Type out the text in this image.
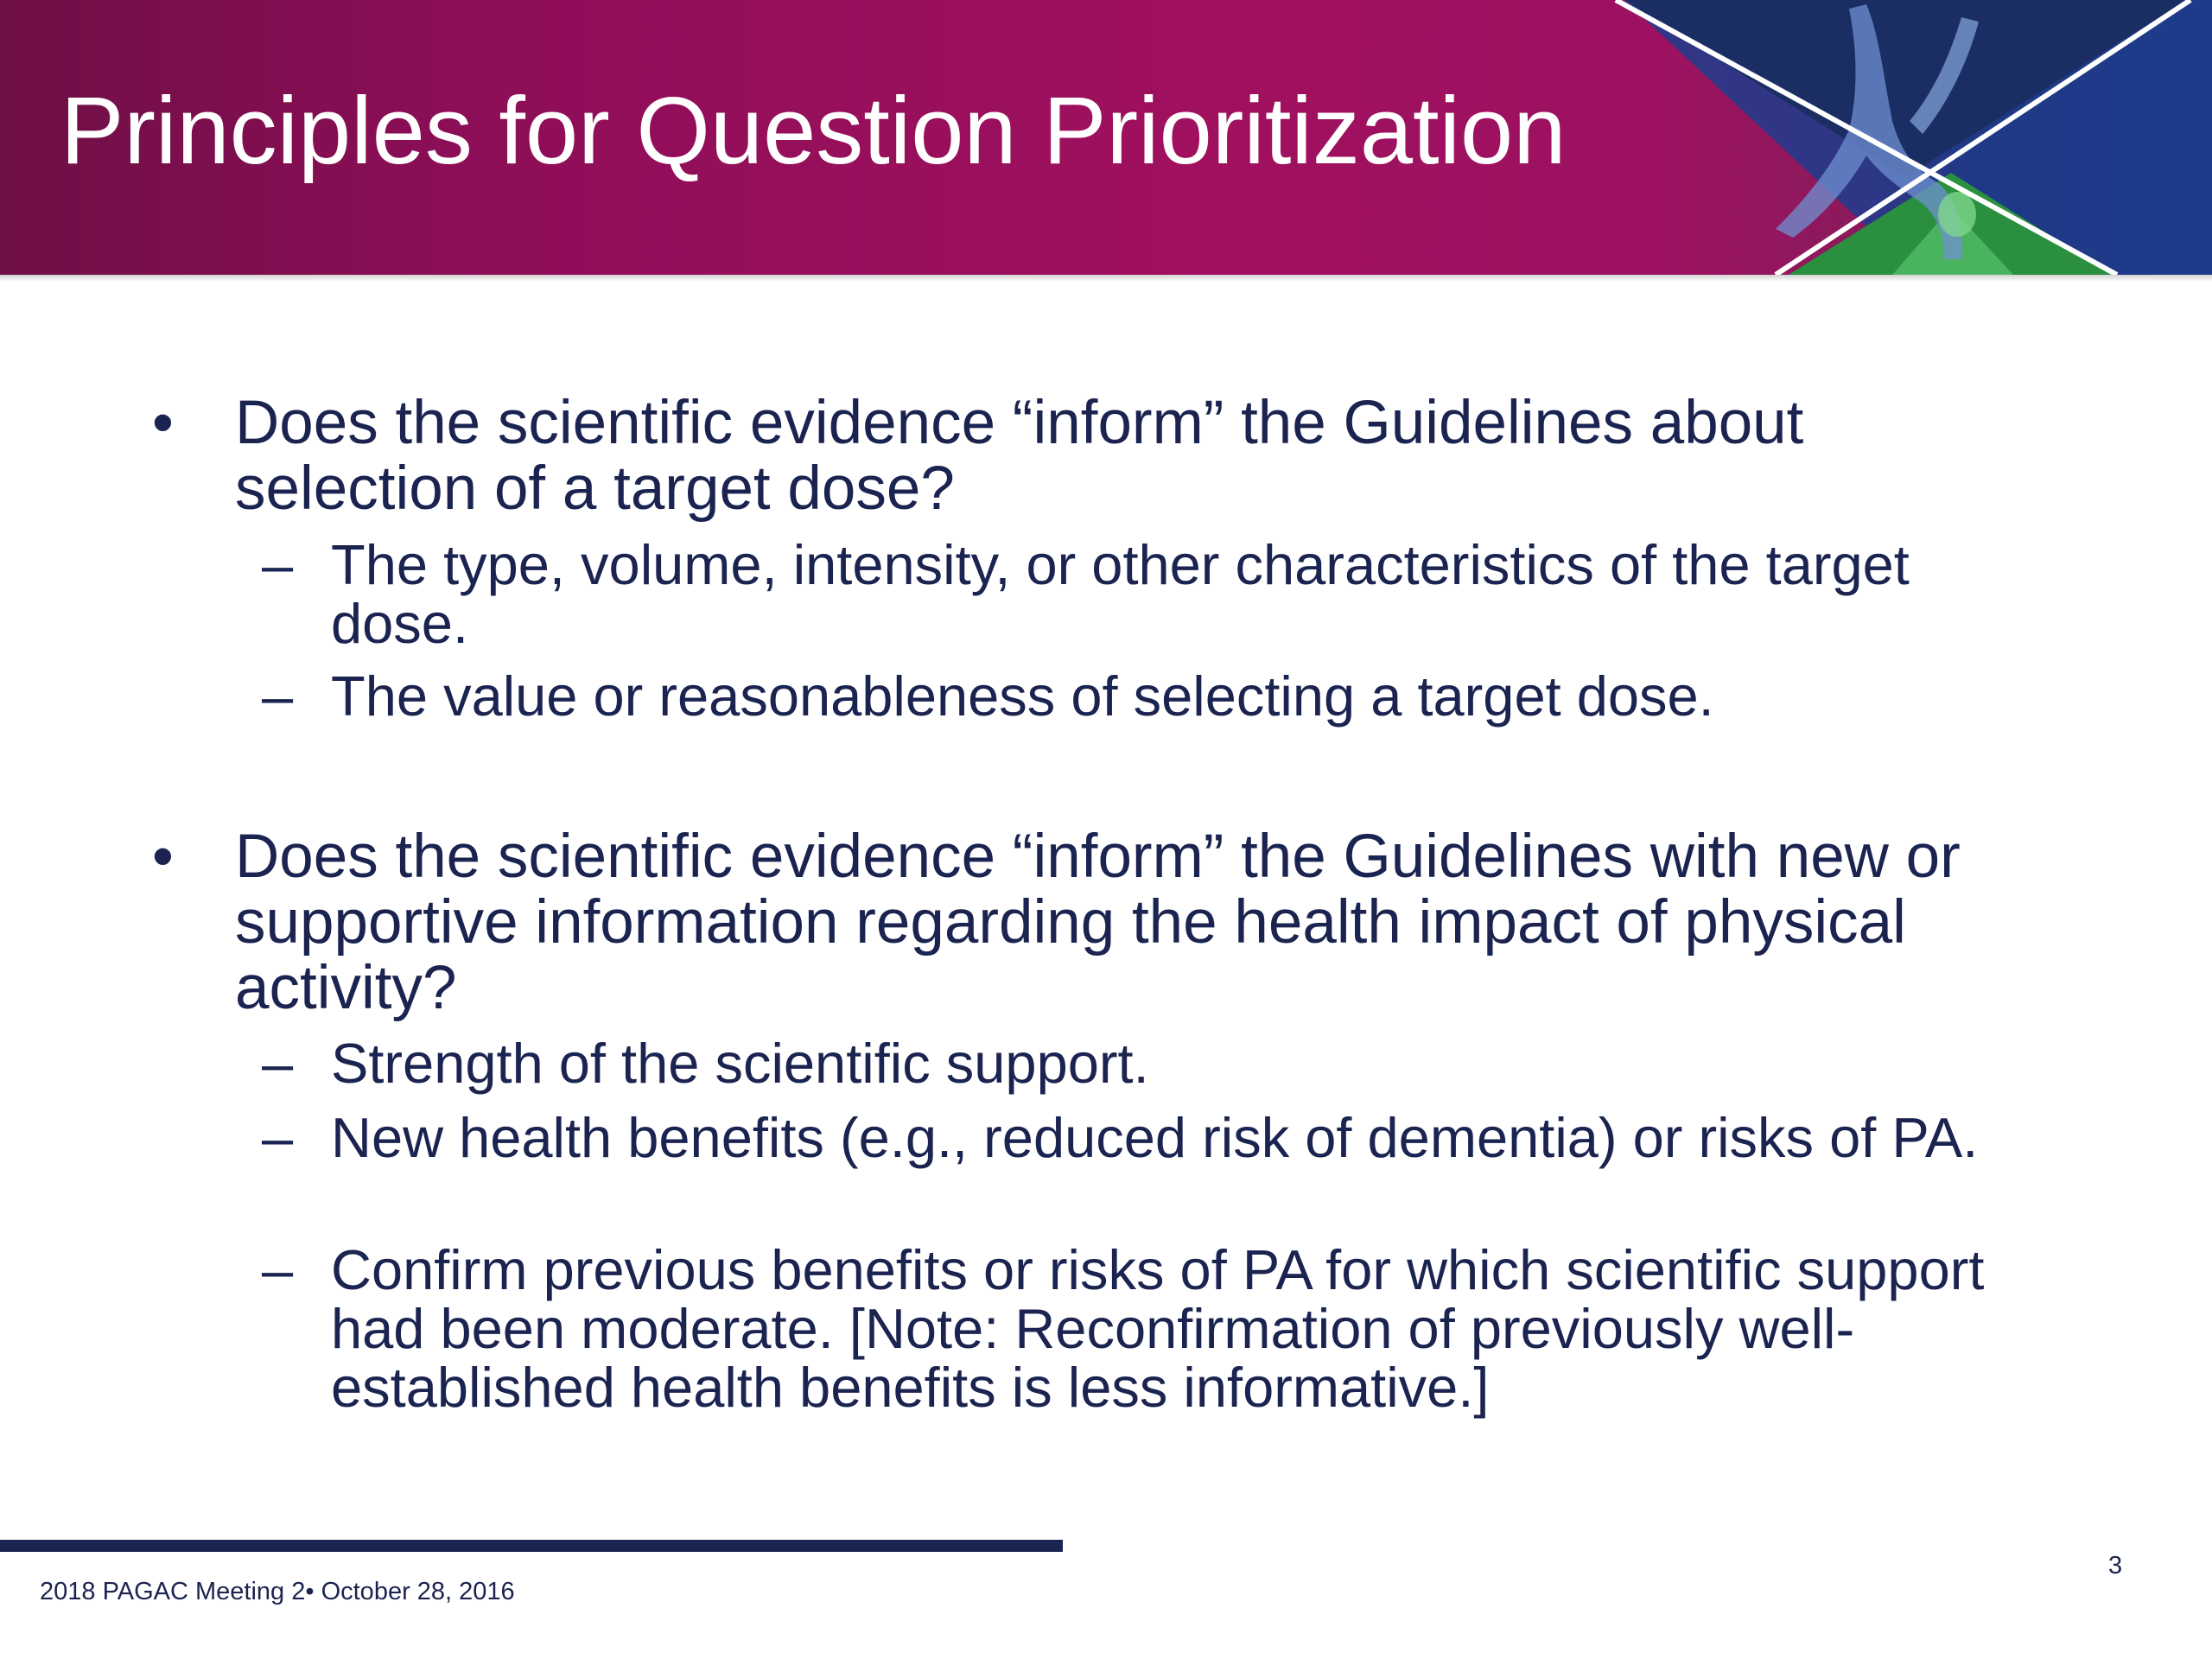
Principles for Question Prioritization

• Does the scientific evidence “inform” the Guidelines about selection of a target dose?

– The type, volume, intensity, or other characteristics of the target dose.

– The value or reasonableness of selecting a target dose.

• Does the scientific evidence “inform” the Guidelines with new or supportive information regarding the health impact of physical activity?

– Strength of the scientific support.

– New health benefits (e.g., reduced risk of dementia) or risks of PA.

– Confirm previous benefits or risks of PA for which scientific support had been moderate. [Note: Reconfirmation of previously well-established health benefits is less informative.]

2018 PAGAC Meeting 2• October 28, 2016
3
